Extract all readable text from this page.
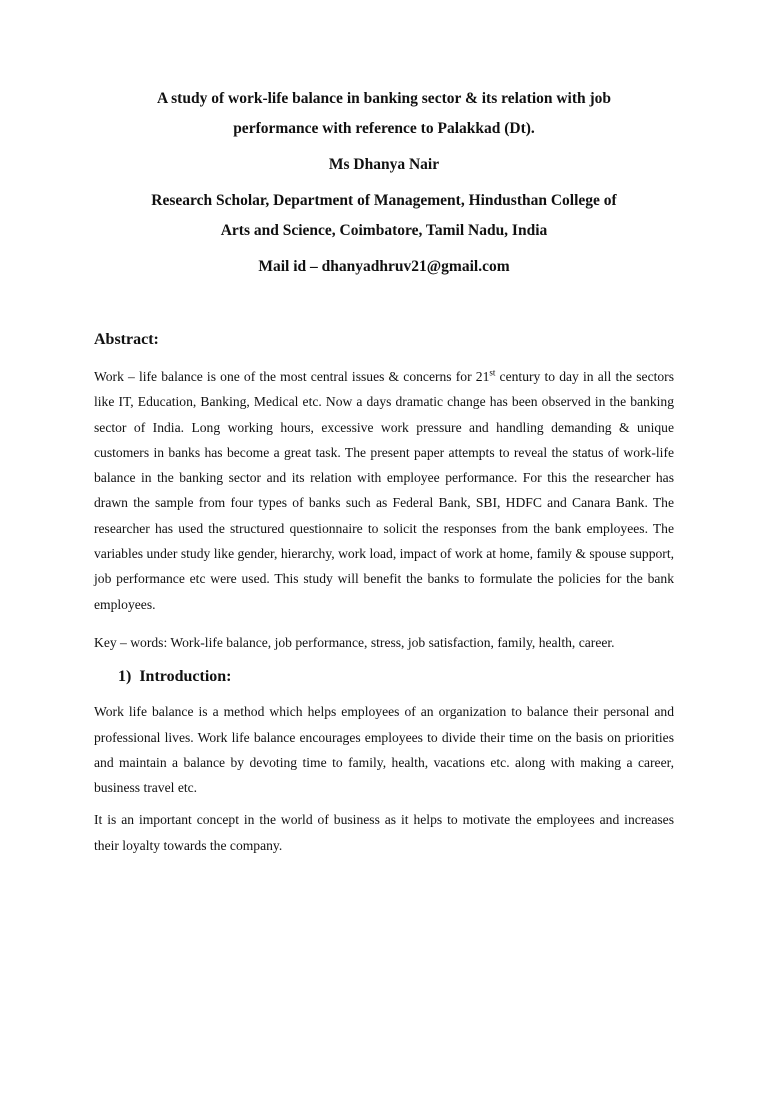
A study of work-life balance in banking sector & its relation with job
performance with reference to Palakkad (Dt).
Ms Dhanya Nair
Research Scholar, Department of Management, Hindusthan College of
Arts and Science, Coimbatore, Tamil Nadu, India
Mail id – dhanyadhruv21@gmail.com
Abstract:

Work – life balance is one of the most central issues & concerns for 21st century to day in all the sectors like IT, Education, Banking, Medical etc. Now a days dramatic change has been observed in the banking sector of India. Long working hours, excessive work pressure and handling demanding & unique customers in banks has become a great task. The present paper attempts to reveal the status of work-life balance in the banking sector and its relation with employee performance. For this the researcher has drawn the sample from four types of banks such as Federal Bank, SBI, HDFC and Canara Bank. The researcher has used the structured questionnaire to solicit the responses from the bank employees. The variables under study like gender, hierarchy, work load, impact of work at home, family & spouse support, job performance etc were used. This study will benefit the banks to formulate the policies for the bank employees.

Key – words: Work-life balance, job performance, stress, job satisfaction, family, health, career.

1)  Introduction:

Work life balance is a method which helps employees of an organization to balance their personal and professional lives. Work life balance encourages employees to divide their time on the basis on priorities and maintain a balance by devoting time to family, health, vacations etc. along with making a career, business travel etc.

It is an important concept in the world of business as it helps to motivate the employees and increases their loyalty towards the company.
